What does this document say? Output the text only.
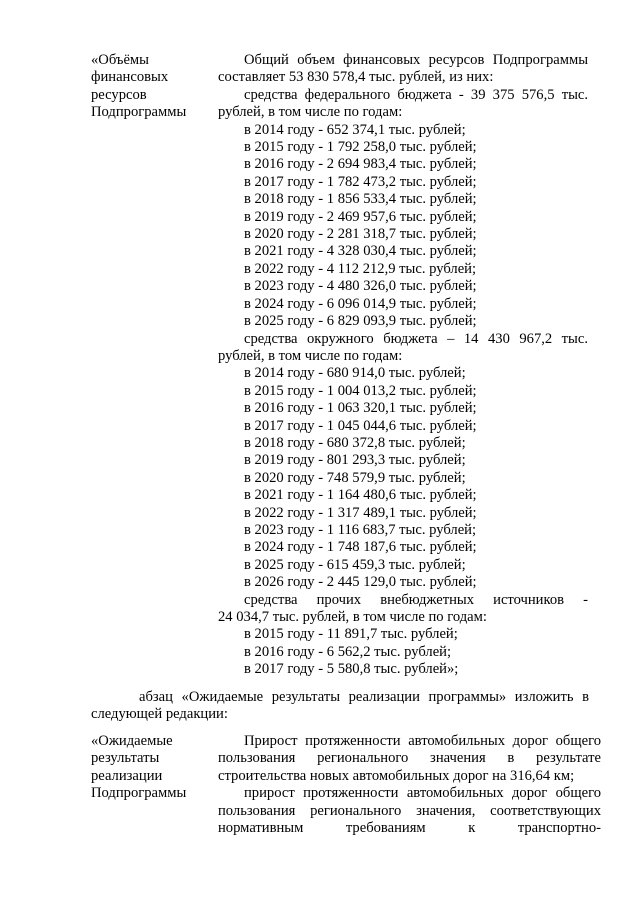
«Объёмы
финансовых
ресурсов
Подпрограммы

Общий объем финансовых ресурсов Подпрограммы составляет 53 830 578,4 тыс. рублей, из них:

средства федерального бюджета - 39 375 576,5 тыс. рублей, в том числе по годам:

в 2014 году - 652 374,1 тыс. рублей;
в 2015 году - 1 792 258,0 тыс. рублей;
в 2016 году - 2 694 983,4 тыс. рублей;
в 2017 году - 1 782 473,2 тыс. рублей;
в 2018 году - 1 856 533,4 тыс. рублей;
в 2019 году - 2 469 957,6 тыс. рублей;
в 2020 году - 2 281 318,7 тыс. рублей;
в 2021 году - 4 328 030,4 тыс. рублей;
в 2022 году - 4 112 212,9 тыс. рублей;
в 2023 году - 4 480 326,0 тыс. рублей;
в 2024 году - 6 096 014,9 тыс. рублей;
в 2025 году - 6 829 093,9 тыс. рублей;

средства окружного бюджета – 14 430 967,2 тыс. рублей, в том числе по годам:

в 2014 году - 680 914,0 тыс. рублей;
в 2015 году - 1 004 013,2 тыс. рублей;
в 2016 году - 1 063 320,1 тыс. рублей;
в 2017 году - 1 045 044,6 тыс. рублей;
в 2018 году - 680 372,8 тыс. рублей;
в 2019 году - 801 293,3 тыс. рублей;
в 2020 году - 748 579,9 тыс. рублей;
в 2021 году - 1 164 480,6 тыс. рублей;
в 2022 году - 1 317 489,1 тыс. рублей;
в 2023 году - 1 116 683,7 тыс. рублей;
в 2024 году - 1 748 187,6 тыс. рублей;
в 2025 году - 615 459,3 тыс. рублей;
в 2026 году - 2 445 129,0 тыс. рублей;

средства прочих внебюджетных источников -

24 034,7 тыс. рублей, в том числе по годам:

в 2015 году - 11 891,7 тыс. рублей;
в 2016 году - 6 562,2 тыс. рублей;
в 2017 году - 5 580,8 тыс. рублей»;

абзац «Ожидаемые результаты реализации программы» изложить в следующей редакции:

«Ожидаемые
результаты
реализации
Подпрограммы

Прирост протяженности автомобильных дорог общего пользования регионального значения в результате строительства новых автомобильных дорог на 316,64 км;

прирост протяженности автомобильных дорог общего пользования регионального значения, соответствующих нормативным требованиям к транспортно-
